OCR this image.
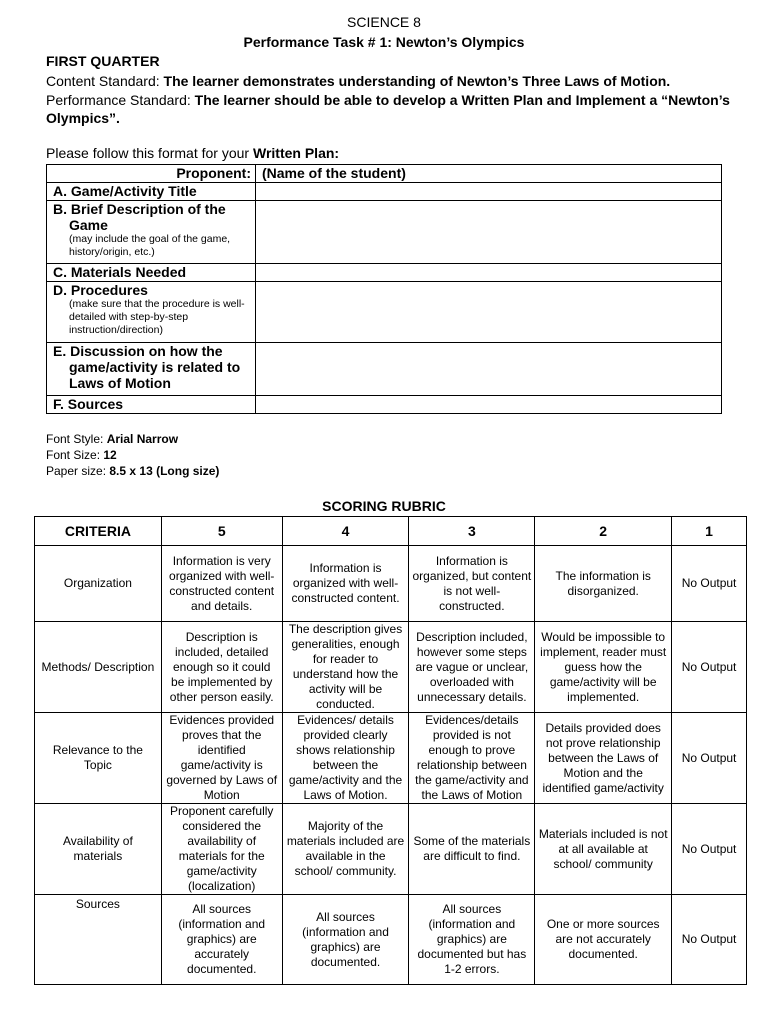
SCIENCE 8
Performance Task # 1: Newton’s Olympics
FIRST QUARTER
Content Standard: The learner demonstrates understanding of Newton’s Three Laws of Motion.
Performance Standard: The learner should be able to develop a Written Plan and Implement a “Newton’s Olympics”.
Please follow this format for your Written Plan:
Proponent:	(Name of the student)
A. Game/Activity Title	
B. Brief Description of the
Game
(may include the goal of the game, history/origin, etc.)	

C. Materials Needed	
D. Procedures
(make sure that the procedure is well-detailed with step-by-step instruction/direction)	

E. Discussion on how the
game/activity is related to
Laws of Motion	

F. Sources	
Font Style: Arial Narrow
Font Size: 12
Paper size: 8.5 x 13 (Long size)
SCORING RUBRIC
CRITERIA	5	4	3	2	1
Organization	Information is very organized with well-constructed content and details.	Information is organized with well-constructed content.	Information is organized, but content is not well- constructed.	The information is disorganized.	No Output
Methods/ Description	Description is included, detailed enough so it could be implemented by other person easily.	The description gives generalities, enough for reader to understand how the activity will be conducted.	Description included, however some steps are vague or unclear, overloaded with unnecessary details.	Would be impossible to implement, reader must guess how the game/activity will be implemented.	No Output
Relevance to the Topic	Evidences provided proves that the identified game/activity is governed by Laws of Motion	Evidences/ details provided clearly shows relationship between the game/activity and the Laws of Motion.	Evidences/details provided is not enough to prove relationship between the game/activity and the Laws of Motion	Details provided does not prove relationship between the Laws of Motion and the identified game/activity	No Output
Availability of materials	Proponent carefully considered the availability of materials for the game/activity (localization)	Majority of the materials included are available in the school/ community.	Some of the materials are difficult to find.	Materials included is not at all available at school/ community	No Output
Sources	All sources (information and graphics) are accurately documented.	All sources (information and graphics) are documented.	All sources (information and graphics) are documented but has 1-2 errors.	One or more sources are not accurately documented.	No Output
